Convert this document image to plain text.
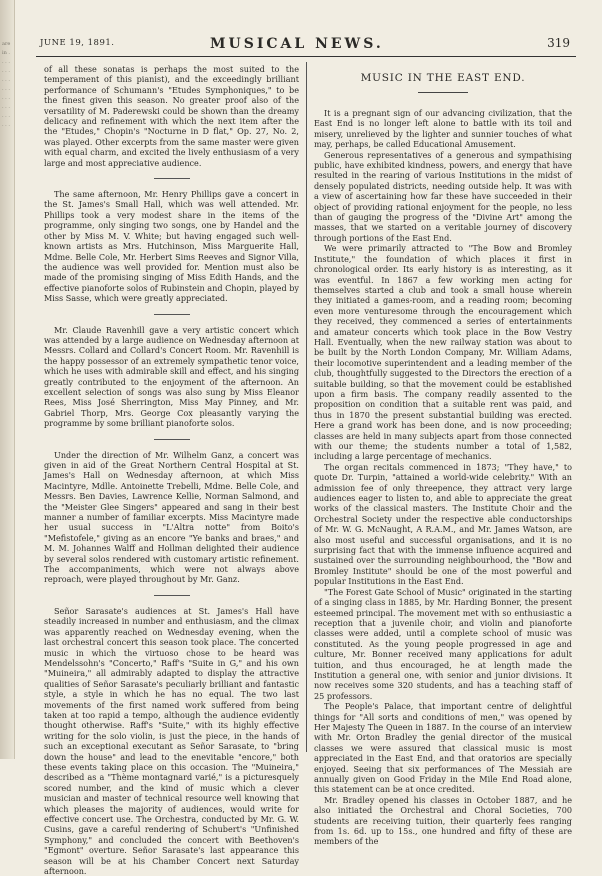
are in . . . . . . . . . . . . . . . . . . . . . . . . .
JUNE 19, 1891.	MUSICAL NEWS.	319

of all these sonatas is perhaps the most suited to the temperament of this pianist), and the exceedingly brilliant performance of Schumann's "Etudes Symphoniques," to be the finest given this season. No greater proof also of the versatility of M. Paderewski could be shown than the dreamy delicacy and refinement with which the next item after the the "Etudes," Chopin's "Nocturne in D flat," Op. 27, No. 2, was played. Other excerpts from the same master were given with equal charm, and excited the lively enthusiasm of a very large and most appreciative audience.

The same afternoon, Mr. Henry Phillips gave a concert in the St. James's Small Hall, which was well attended. Mr. Phillips took a very modest share in the items of the programme, only singing two songs, one by Handel and the other by Miss M. V. White; but having engaged such well-known artists as Mrs. Hutchinson, Miss Marguerite Hall, Mdme. Belle Cole, Mr. Herbert Sims Reeves and Signor Villa, the audience was well provided for. Mention must also be made of the promising singing of Miss Edith Hands, and the effective pianoforte solos of Rubinstein and Chopin, played by Miss Sasse, which were greatly appreciated.

Mr. Claude Ravenhill gave a very artistic concert which was attended by a large audience on Wednesday afternoon at Messrs. Collard and Collard's Concert Room. Mr. Ravenhill is the happy possessor of an extremely sympathetic tenor voice, which he uses with admirable skill and effect, and his singing greatly contributed to the enjoyment of the afternoon. An excellent selection of songs was also sung by Miss Eleanor Rees, Miss José Sherrington, Miss May Pinney, and Mr. Gabriel Thorp, Mrs. George Cox pleasantly varying the programme by some brilliant pianoforte solos.

Under the direction of Mr. Wilhelm Ganz, a concert was given in aid of the Great Northern Central Hospital at St. James's Hall on Wednesday afternoon, at which Miss Macintyre, Mdlle. Antoinette Trebelli, Mdme. Belle Cole, and Messrs. Ben Davies, Lawrence Kellie, Norman Salmond, and the "Meister Glee Singers" appeared and sang in their best manner a number of familiar excerpts. Miss Macintyre made her usual success in "L'Altra notte" from Boito's "Mefistofele," giving as an encore "Ye banks and braes," and M. M. Johannes Walff and Hollman delighted their audience by several solos rendered with customary artistic refinement. The accompaniments, which were not always above reproach, were played throughout by Mr. Ganz.

Señor Sarasate's audiences at St. James's Hall have steadily increased in number and enthusiasm, and the climax was apparently reached on Wednesday evening, when the last orchestral concert this season took place. The concerted music in which the virtuoso chose to be heard was Mendelssohn's "Concerto," Raff's "Suite in G," and his own "Muineira," all admirably adapted to display the attractive qualities of Señor Sarasate's peculiarly brilliant and fantastic style, a style in which he has no equal. The two last movements of the first named work suffered from being taken at too rapid a tempo, although the audience evidently thought otherwise. Raff's "Suite," with its highly effective writing for the solo violin, is just the piece, in the hands of such an exceptional executant as Señor Sarasate, to "bring down the house" and lead to the enevitable "encore," both these events taking place on this occasion. The "Muineira," described as a "Thème montagnard varié," is a picturesquely scored number, and the kind of music which a clever musician and master of technical resource well knowing that which pleases the majority of audiences, would write for effective concert use. The Orchestra, conducted by Mr. G. W. Cusins, gave a careful rendering of Schubert's "Unfinished Symphony," and concluded the concert with Beethoven's "Egmont" overture. Señor Sarasate's last appearance this season will be at his Chamber Concert next Saturday afternoon.

MUSIC IN THE EAST END.

It is a pregnant sign of our advancing civilization, that the East End is no longer left alone to battle with its toil and misery, unrelieved by the lighter and sunnier touches of what may, perhaps, be called Educational Amusement.

Generous representatives of a generous and sympathising public, have exhibited kindness, powers, and energy that have resulted in the rearing of various Institutions in the midst of densely populated districts, needing outside help. It was with a view of ascertaining how far these have succeeded in their object of providing rational enjoyment for the people, no less than of gauging the progress of the "Divine Art" among the masses, that we started on a veritable journey of discovery through portions of the East End.

We were primarily attracted to "The Bow and Bromley Institute," the foundation of which places it first in chronological order. Its early history is as interesting, as it was eventful. In 1867 a few working men acting for themselves started a club and took a small house wherein they initiated a games-room, and a reading room; becoming even more venturesome through the encouragement which they received, they commenced a series of entertainments and amateur concerts which took place in the Bow Vestry Hall. Eventually, when the new railway station was about to be built by the North London Company, Mr. William Adams, their locomotive superintendent and a leading member of the club, thoughtfully suggested to the Directors the erection of a suitable building, so that the movement could be established upon a firm basis. The company readily assented to the proposition on condition that a suitable rent was paid, and thus in 1870 the present substantial building was erected. Here a grand work has been done, and is now proceeding; classes are held in many subjects apart from those connected with our theme; the students number a total of 1,582, including a large percentage of mechanics.

The organ recitals commenced in 1873; "They have," to quote Dr. Turpin, "attained a world-wide celebrity." With an admission fee of only threepence, they attract very large audiences eager to listen to, and able to appreciate the great works of the classical masters. The Institute Choir and the Orchestral Society under the respective able conductorships of Mr. W. G. McNaught, A R.A.M., and Mr. James Watson, are also most useful and successful organisations, and it is no surprising fact that with the immense influence acquired and sustained over the surrounding neighbourhood, the "Bow and Bromley Institute" should be one of the most powerful and popular Institutions in the East End.

"The Forest Gate School of Music" originated in the starting of a singing class in 1885, by Mr. Harding Bonner, the present esteemed principal. The movement met with so enthusiastic a reception that a juvenile choir, and violin and pianoforte classes were added, until a complete school of music was constituted. As the young people progressed in age and culture, Mr. Bonner received many applications for adult tuition, and thus encouraged, he at length made the Institution a general one, with senior and junior divisions. It now receives some 320 students, and has a teaching staff of 25 professors.

The People's Palace, that important centre of delightful things for "All sorts and conditions of men," was opened by Her Majesty The Queen in 1887. In the course of an interview with Mr. Orton Bradley the genial director of the musical classes we were assured that classical music is most appreciated in the East End, and that oratorios are specially enjoyed. Seeing that six performances of The Messiah are annually given on Good Friday in the Mile End Road alone, this statement can be at once credited.

Mr. Bradley opened his classes in October 1887, and he also initiated the Orchestral and Choral Societies, 700 students are receiving tuition, their quarterly fees ranging from 1s. 6d. up to 15s., one hundred and fifty of these are members of the
